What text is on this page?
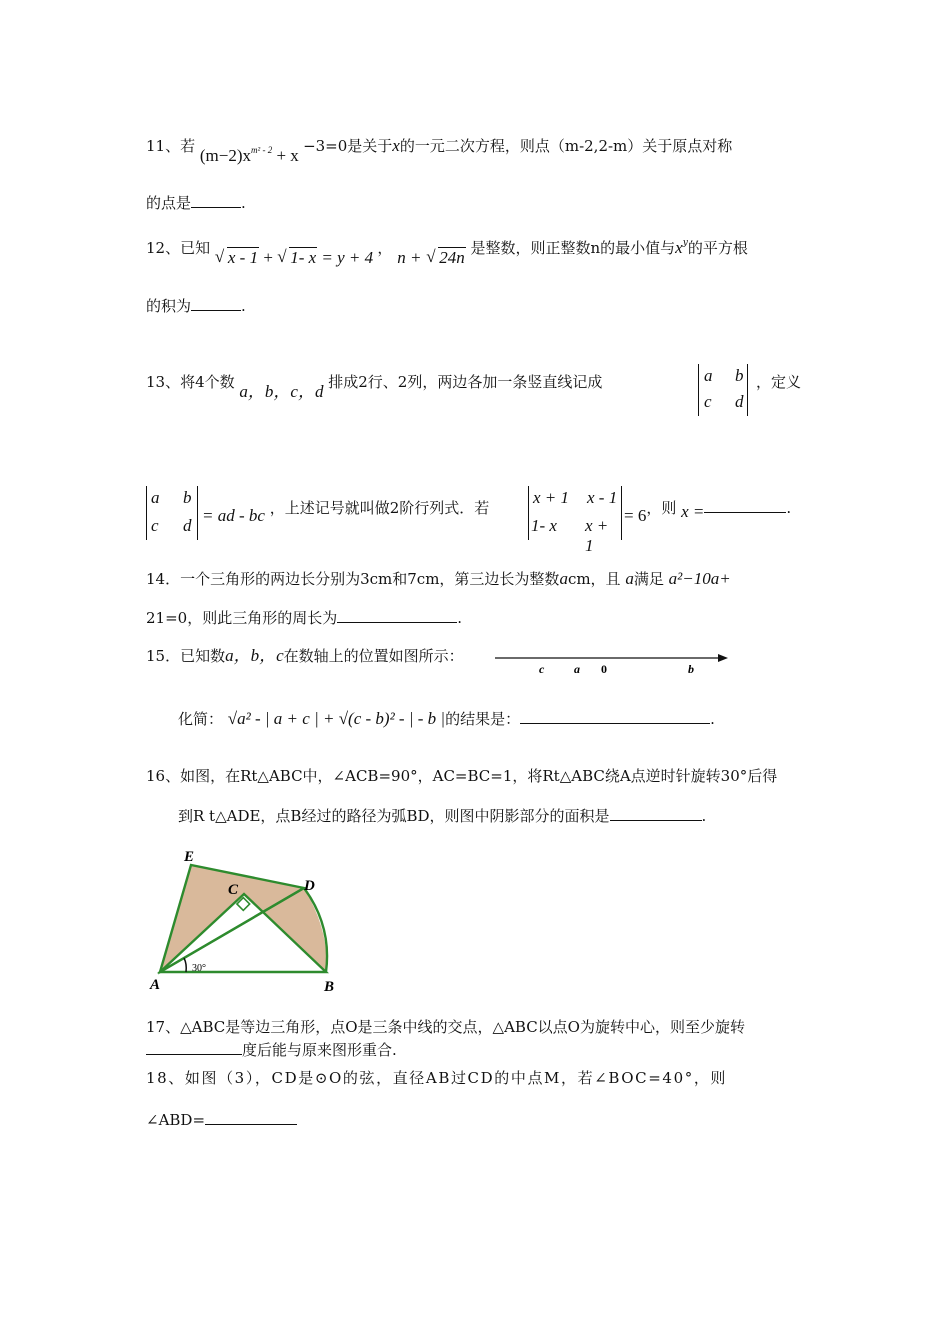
11、若 $(m-2)x^{m^2 - 2} + x -3=0$是关于x的一元二次方程，则点（m-2,2-m）关于原点对称
的点是	.
12、已知 √ x - 1 + √ 1- x = y + 4 ， n + √ 24n 是整数，则正整数n的最小值与$x^y$的平方根
的积为	.
13、将4个数 a，b，c，d 排成2行、2列，两边各加一条竖直线记成	a b
c d
，定义
a b
c d
= ad - bc ，上述记号就叫做2阶行列式．若
x + 1 x - 1
1- x x + 1
= 6，则 x =	.
14．一个三角形的两边长分别为3cm和7cm，第三边长为整数acm，且 a满足 a²−10a+
21=0，则此三角形的周长为	.
15．已知数a，b，c在数轴上的位置如图所示：
c a 0	b
化简： √a² - | a + c | + √(c - b)² - | - b |的结果是：	.
16、如图，在Rt△ABC中，∠ACB=90°，AC=BC=1，将Rt△ABC绕A点逆时针旋转30°后得
到R t△ADE，点B经过的路径为弧BD，则图中阴影部分的面积是	.
30°
E
C	D
A	B
17、△ABC是等边三角形，点O是三条中线的交点，△ABC以点O为旋转中心，则至少旋转
度后能与原来图形重合.
18、如图（3），CD是⊙O的弦，直径AB过CD的中点M，若∠BOC=40°，则
∠ABD=
